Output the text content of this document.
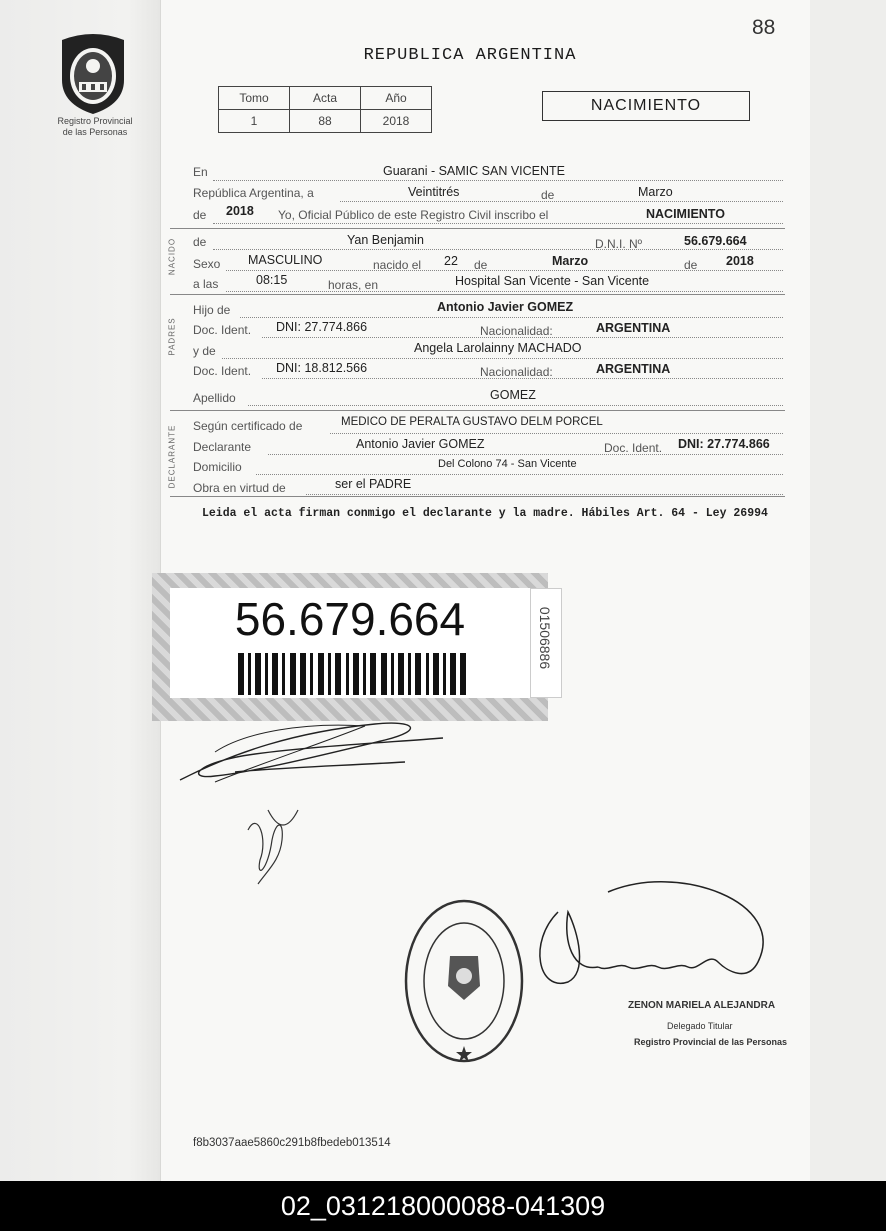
88
Registro Provincial
de las Personas
REPUBLICA ARGENTINA
Tomo	Acta	Año
1	88	2018
NACIMIENTO
NACIDO
PADRES
DECLARANTE
En	Guarani - SAMIC SAN VICENTE
República Argentina, a	Veintitrés	de	Marzo
de 2018 Yo, Oficial Público de este Registro Civil inscribo el	NACIMIENTO
de	Yan Benjamin	D.N.I. Nº	56.679.664
Sexo MASCULINO	nacido el 22 de	Marzo	de 2018
a las	08:15	horas, en	Hospital San Vicente - San Vicente
Hijo de	Antonio Javier GOMEZ
Doc. Ident. DNI: 27.774.866	Nacionalidad:	ARGENTINA
y de	Angela Larolainny MACHADO
Doc. Ident. DNI: 18.812.566	Nacionalidad:	ARGENTINA
Apellido	GOMEZ
Según certificado de	MEDICO DE PERALTA GUSTAVO DELM PORCEL
Declarante	Antonio Javier GOMEZ	Doc. Ident. DNI: 27.774.866
Domicilio	Del Colono 74 - San Vicente
Obra en virtud de	ser el PADRE
Leida el acta firman conmigo el declarante y la madre. Hábiles Art. 64 - Ley 26994
56.679.664	01506886
ZENON MARIELA ALEJANDRA
Delegado Titular
Registro Provincial de las Personas
f8b3037aae5860c291b8fbedeb013514
02_031218000088-041309
